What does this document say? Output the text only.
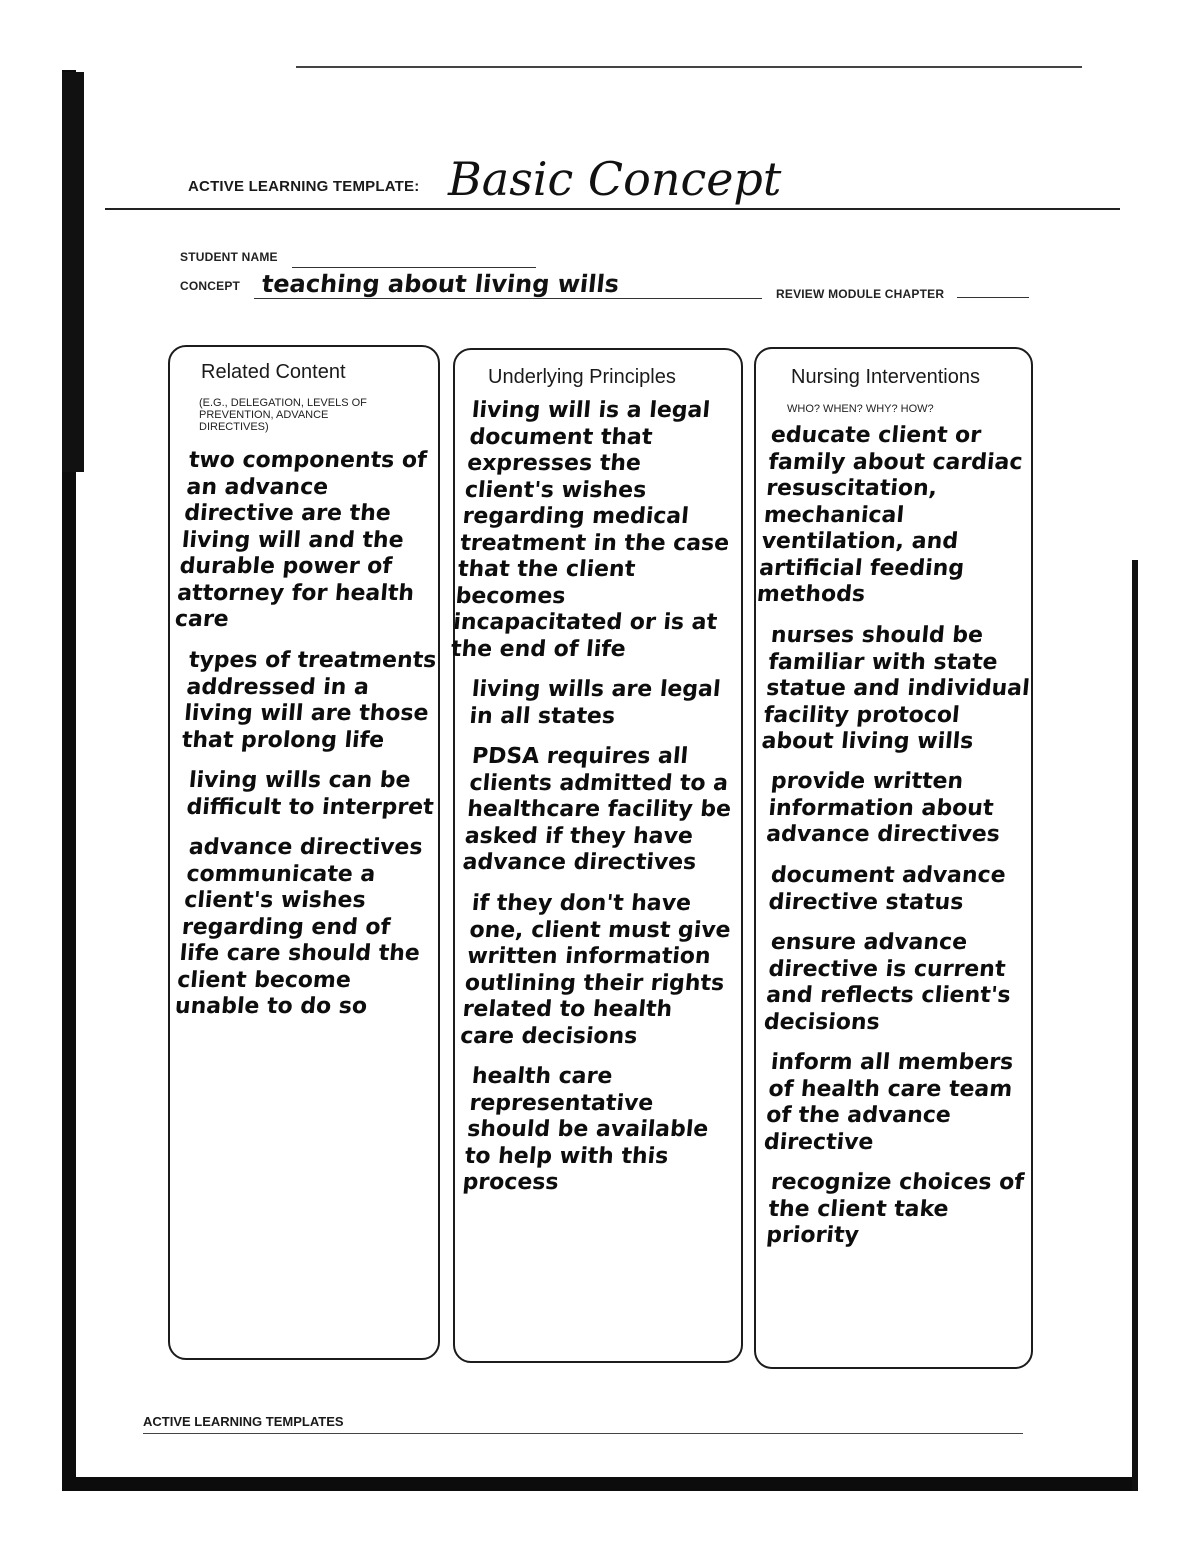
ACTIVE LEARNING TEMPLATE: Basic Concept
STUDENT NAME
CONCEPT teaching about living wills	REVIEW MODULE CHAPTER
Related Content
(E.G., DELEGATION, LEVELS OF PREVENTION, ADVANCE DIRECTIVES)

two components of an advance directive are the living will and the durable power of attorney for health care

types of treatments addressed in a living will are those that prolong life

living wills can be difficult to interpret

advance directives communicate a client's wishes regarding end of life care should the client become unable to do so

Underlying Principles

living will is a legal document that expresses the client's wishes regarding medical treatment in the case that the client becomes incapacitated or is at the end of life

living wills are legal in all states

PDSA requires all clients admitted to a healthcare facility be asked if they have advance directives

if they don't have one, client must give written information outlining their rights related to health care decisions

health care representative should be available to help with this process

Nursing Interventions
WHO? WHEN? WHY? HOW?

educate client or family about cardiac resuscitation, mechanical ventilation, and artificial feeding methods

nurses should be familiar with state statue and individual facility protocol about living wills

provide written information about advance directives

document advance directive status

ensure advance directive is current and reflects client's decisions

inform all members of health care team of the advance directive

recognize choices of the client take priority

ACTIVE LEARNING TEMPLATES
